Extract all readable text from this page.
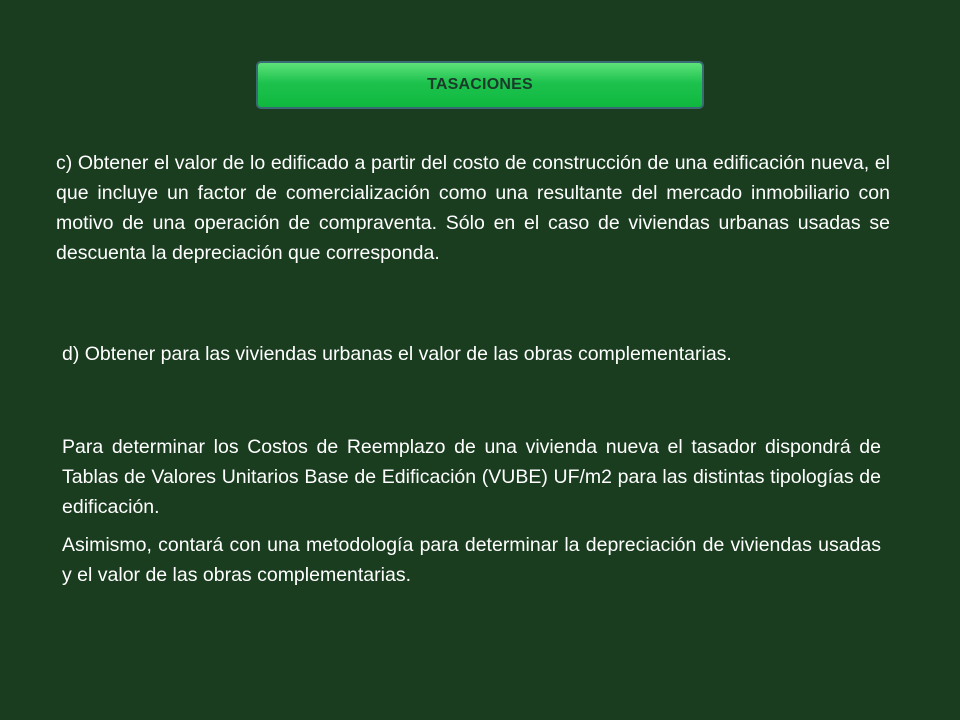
TASACIONES

c) Obtener el valor de lo edificado a partir del costo de construcción de una edificación nueva, el que incluye un factor de comercialización como una resultante del mercado inmobiliario con motivo de una operación de compraventa. Sólo en el caso de viviendas urbanas usadas se descuenta la depreciación que corresponda.

d) Obtener para las viviendas urbanas el valor de las obras complementarias.

Para determinar los Costos de Reemplazo de una vivienda nueva el tasador dispondrá de Tablas de Valores Unitarios Base de Edificación (VUBE) UF/m2 para las distintas tipologías de edificación.

Asimismo, contará con una metodología para determinar la depreciación de viviendas usadas y el valor de las obras complementarias.
